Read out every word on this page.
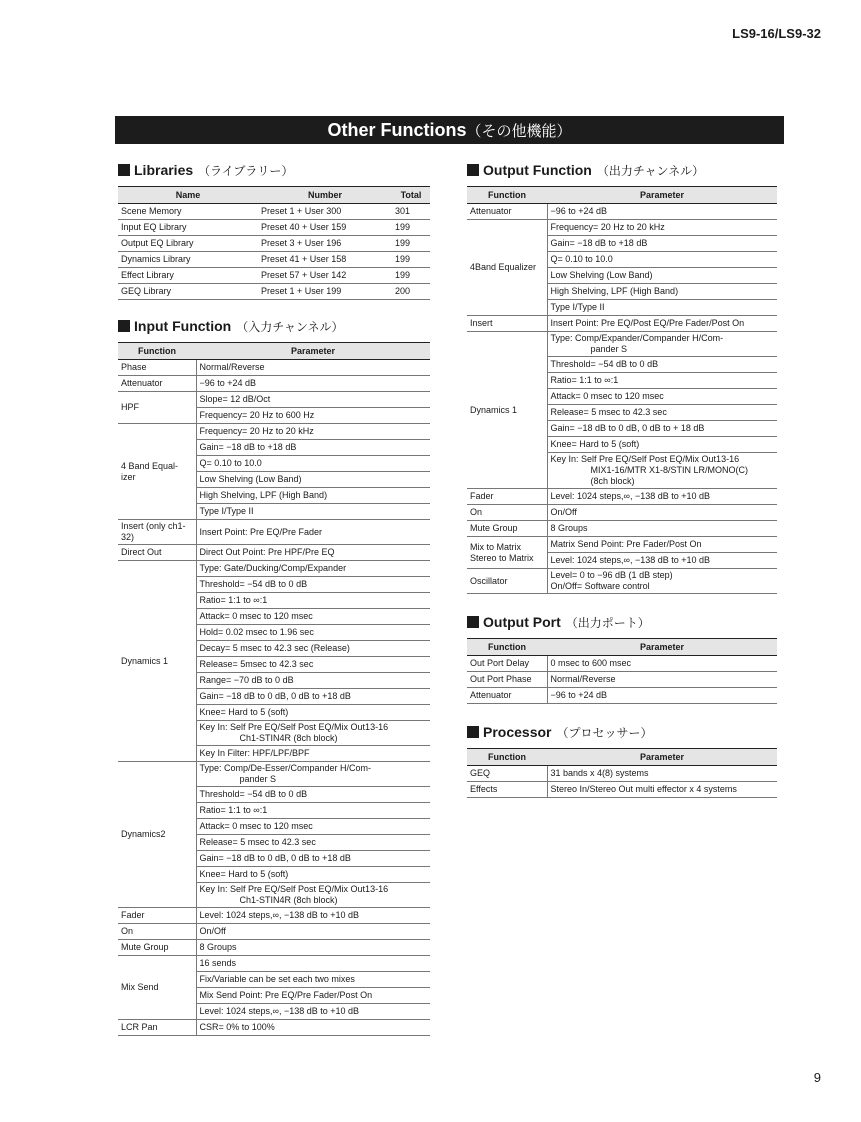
LS9-16/LS9-32
Other Functions（その他機能）
Libraries （ライブラリー）
Name	Number	Total
Scene Memory	Preset 1 + User 300	301
Input EQ Library	Preset 40 + User 159	199
Output EQ Library	Preset 3 + User 196	199
Dynamics Library	Preset 41 + User 158	199
Effect Library	Preset 57 + User 142	199
GEQ Library	Preset 1 + User 199	200
Input Function （入力チャンネル）
Function	Parameter
Phase	Normal/Reverse
Attenuator	−96 to +24 dB
HPF	Slope= 12 dB/Oct
	Frequency= 20 Hz to 600 Hz
4 Band Equal- izer	Frequency= 20 Hz to 20 kHz
	Gain= −18 dB to +18 dB
	Q= 0.10 to 10.0
	Low Shelving (Low Band)
	High Shelving, LPF (High Band)
	Type I/Type II
Insert (only ch1-32)	Insert Point: Pre EQ/Pre Fader
Direct Out	Direct Out Point: Pre HPF/Pre EQ
Dynamics 1	Type: Gate/Ducking/Comp/Expander
	Threshold= −54 dB to 0 dB
	Ratio= 1:1 to ∞:1
	Attack= 0 msec to 120 msec
	Hold= 0.02 msec to 1.96 sec
	Decay= 5 msec to 42.3 sec (Release)
	Release= 5msec to 42.3 sec
	Range= −70 dB to 0 dB
	Gain= −18 dB to 0 dB, 0 dB to +18 dB
	Knee= Hard to 5 (soft)

	Key In: Self Pre EQ/Self Post EQ/Mix Out13-16
Ch1-STIN4R (8ch block)

	Key In Filter: HPF/LPF/BPF
Dynamics2	Type: Comp/De-Esser/Compander H/Com-
pander S

	Threshold= −54 dB to 0 dB
	Ratio= 1:1 to ∞:1
	Attack= 0 msec to 120 msec
	Release= 5 msec to 42.3 sec
	Gain= −18 dB to 0 dB, 0 dB to +18 dB
	Knee= Hard to 5 (soft)

	Key In: Self Pre EQ/Self Post EQ/Mix Out13-16
Ch1-STIN4R (8ch block)

Fader	Level: 1024 steps,∞, −138 dB to +10 dB
On	On/Off
Mute Group	8 Groups
Mix Send	16 sends
	Fix/Variable can be set each two mixes
	Mix Send Point: Pre EQ/Pre Fader/Post On
	Level: 1024 steps,∞, −138 dB to +10 dB
LCR Pan	CSR= 0% to 100%
Output Function （出力チャンネル）
Function	Parameter
Attenuator	−96 to +24 dB
4Band Equalizer	Frequency= 20 Hz to 20 kHz
	Gain= −18 dB to +18 dB
	Q= 0.10 to 10.0
	Low Shelving (Low Band)
	High Shelving, LPF (High Band)
	Type I/Type II
Insert	Insert Point: Pre EQ/Post EQ/Pre Fader/Post On
Dynamics 1	Type: Comp/Expander/Compander H/Com-
pander S

	Threshold= −54 dB to 0 dB
	Ratio= 1:1 to ∞:1
	Attack= 0 msec to 120 msec
	Release= 5 msec to 42.3 sec
	Gain= −18 dB to 0 dB, 0 dB to + 18 dB
	Knee= Hard to 5 (soft)

	Key In: Self Pre EQ/Self Post EQ/Mix Out13-16
MIX1-16/MTR X1-8/STIN LR/MONO(C)
(8ch block)

Fader	Level: 1024 steps,∞, −138 dB to +10 dB
On	On/Off
Mute Group	8 Groups
Mix to Matrix Stereo to Matrix	Matrix Send Point: Pre Fader/Post On
	Level: 1024 steps,∞, −138 dB to +10 dB
Oscillator	Level= 0 to −96 dB (1 dB step)
On/Off= Software control
Output Port （出力ポート）
Function	Parameter
Out Port Delay	0 msec to 600 msec
Out Port Phase	Normal/Reverse
Attenuator	−96 to +24 dB
Processor （プロセッサー）
Function	Parameter
GEQ	31 bands x 4(8) systems
Effects	Stereo In/Stereo Out multi effector x 4 systems
9
